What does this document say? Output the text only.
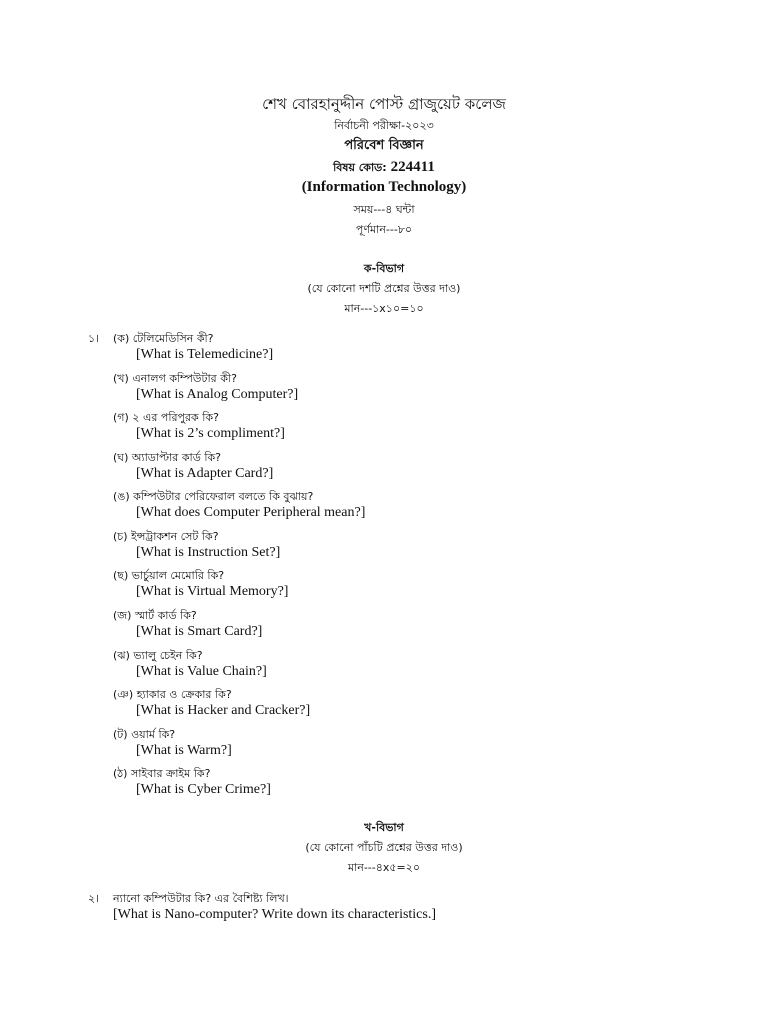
শেখ বোরহানুদ্দীন পোস্ট গ্রাজুয়েট কলেজ
নির্বাচনী পরীক্ষা-২০২৩
পরিবেশ বিজ্ঞান
বিষয় কোড: 224411
(Information Technology)
সময়---৪ ঘন্টা
পূর্ণমান---৮০
ক-বিভাগ
(যে কোনো দশটি প্রশ্নের উত্তর দাও)
মান---১x১০=১০
১। (ক) টেলিমেডিসিন কী?
[What is Telemedicine?]
(খ) এনালগ কম্পিউটার কী?
[What is Analog Computer?]
(গ) ২ এর পরিপুরক কি?
[What is 2’s compliment?]
(ঘ) অ্যাডাপ্টার কার্ড কি?
[What is Adapter Card?]
(ঙ) কম্পিউটার পেরিফেরাল বলতে কি বুঝায়?
[What does Computer Peripheral mean?]
(চ) ইন্সট্রাকশন সেট কি?
[What is Instruction Set?]
(ছ) ভার্চুয়াল মেমোরি কি?
[What is Virtual Memory?]
(জ) স্মার্ট কার্ড কি?
[What is Smart Card?]
(ঝ) ভ্যালু চেইন কি?
[What is Value Chain?]
(ঞ) হ্যাকার ও ক্রেকার কি?
[What is Hacker and Cracker?]
(ট) ওয়ার্ম কি?
[What is Warm?]
(ঠ) সাইবার ক্রাইম কি?
[What is Cyber Crime?]
খ-বিভাগ
(যে কোনো পাঁচটি প্রশ্নের উত্তর দাও)
মান---৪x৫=২০
২। ন্যানো কম্পিউটার কি? এর বৈশিষ্ট্য লিখ।
[What is Nano-computer? Write down its characteristics.]
